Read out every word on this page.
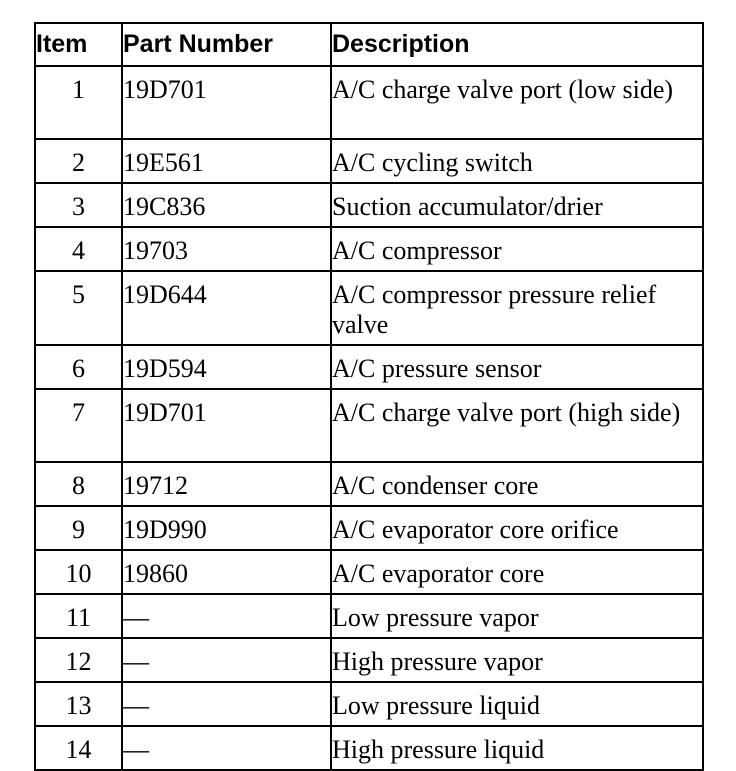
Item	Part Number	Description
1	19D701	A/C charge valve port (low side)
2	19E561	A/C cycling switch
3	19C836	Suction accumulator/drier
4	19703	A/C compressor
5	19D644	A/C compressor pressure relief valve
6	19D594	A/C pressure sensor
7	19D701	A/C charge valve port (high side)
8	19712	A/C condenser core
9	19D990	A/C evaporator core orifice
10	19860	A/C evaporator core
11	—	Low pressure vapor
12	—	High pressure vapor
13	—	Low pressure liquid
14	—	High pressure liquid
